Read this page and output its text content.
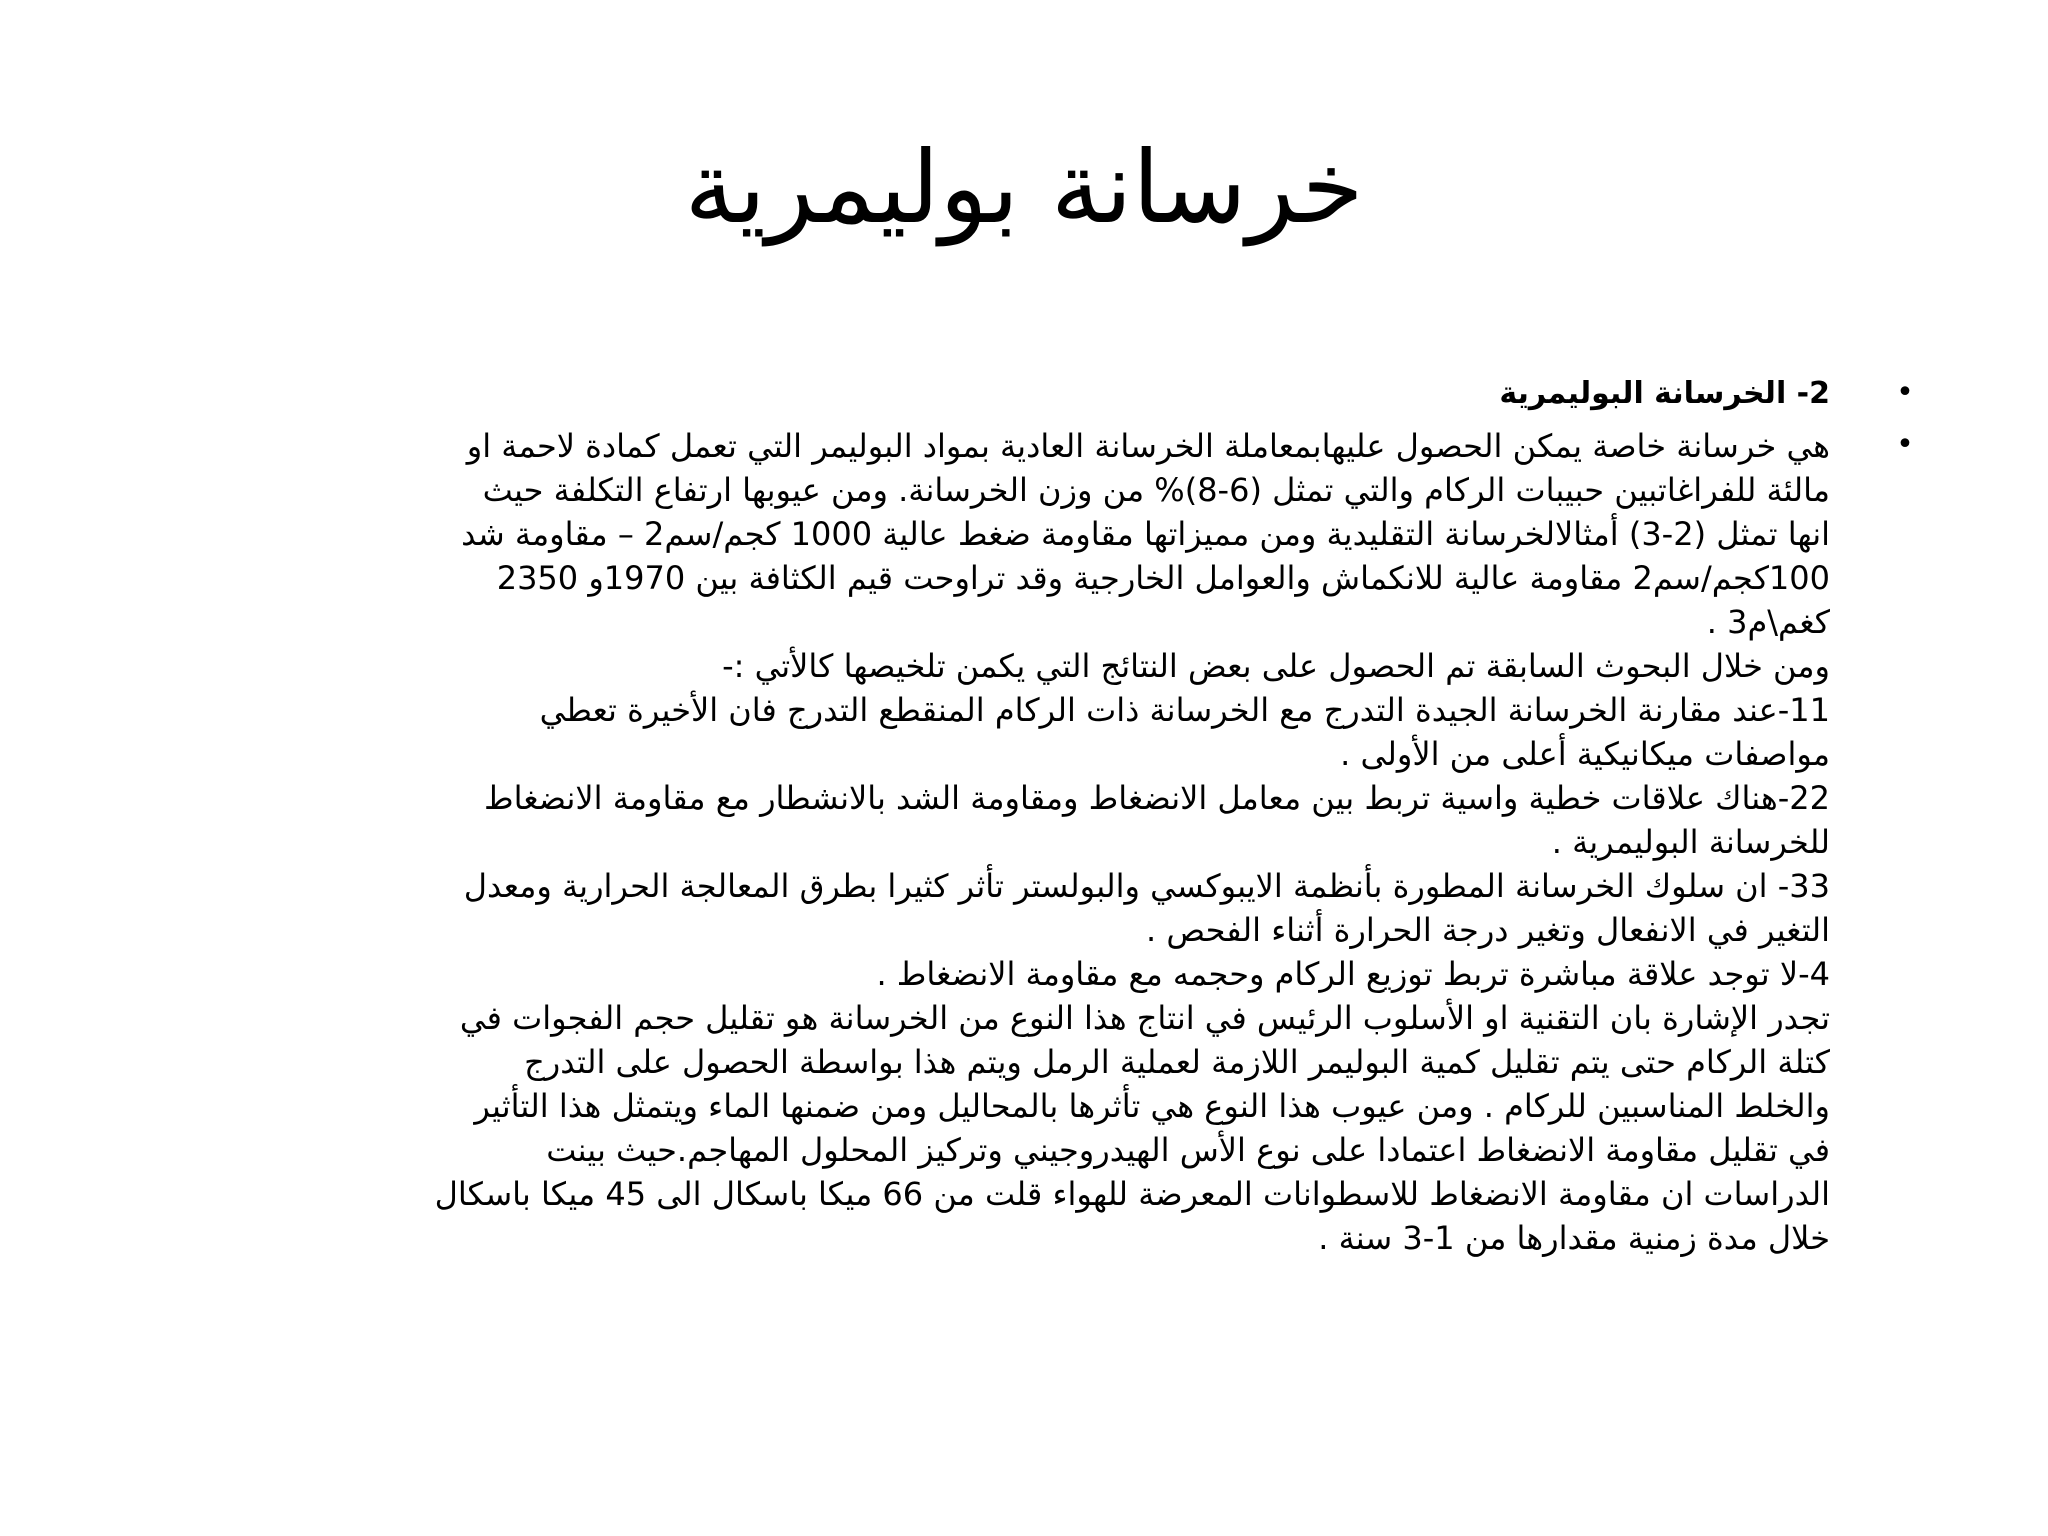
خرسانة بوليمرية
•
2- الخرسانة البوليمرية
•
هي خرسانة خاصة يمكن الحصول عليهابمعاملة الخرسانة العادية بمواد البوليمر التي تعمل كمادة لاحمة او
مالئة للفراغاتبين حبيبات الركام والتي تمثل (6-8)% من وزن الخرسانة. ومن عيوبها ارتفاع التكلفة حيث
انها تمثل (2-3) أمثالالخرسانة التقليدية ومن مميزاتها مقاومة ضغط عالية 1000 كجم/سم2 – مقاومة شد
100كجم/سم2 مقاومة عالية للانكماش والعوامل الخارجية وقد تراوحت قيم الكثافة بين 1970و 2350
كغم\م3 .
ومن خلال البحوث السابقة تم الحصول على بعض النتائج التي يكمن تلخيصها كالأتي :-
11-عند مقارنة الخرسانة الجيدة التدرج مع الخرسانة ذات الركام المنقطع التدرج فان الأخيرة تعطي
مواصفات ميكانيكية أعلى من الأولى .
22-هناك علاقات خطية واسية تربط بين معامل الانضغاط ومقاومة الشد بالانشطار مع مقاومة الانضغاط
للخرسانة البوليمرية .
33- ان سلوك الخرسانة المطورة بأنظمة الايبوكسي والبولستر تأثر كثيرا بطرق المعالجة الحرارية ومعدل
التغير في الانفعال وتغير درجة الحرارة أثناء الفحص .
4-لا توجد علاقة مباشرة تربط توزيع الركام وحجمه مع مقاومة الانضغاط .
تجدر الإشارة بان التقنية او الأسلوب الرئيس في انتاج هذا النوع من الخرسانة هو تقليل حجم الفجوات في
كتلة الركام حتى يتم تقليل كمية البوليمر اللازمة لعملية الرمل ويتم هذا بواسطة الحصول على التدرج
والخلط المناسبين للركام . ومن عيوب هذا النوع هي تأثرها بالمحاليل ومن ضمنها الماء ويتمثل هذا التأثير
في تقليل مقاومة الانضغاط اعتمادا على نوع الأس الهيدروجيني وتركيز المحلول المهاجم.حيث بينت
الدراسات ان مقاومة الانضغاط للاسطوانات المعرضة للهواء قلت من 66 ميكا باسكال الى 45 ميكا باسكال
خلال مدة زمنية مقدارها من 1-3 سنة .
